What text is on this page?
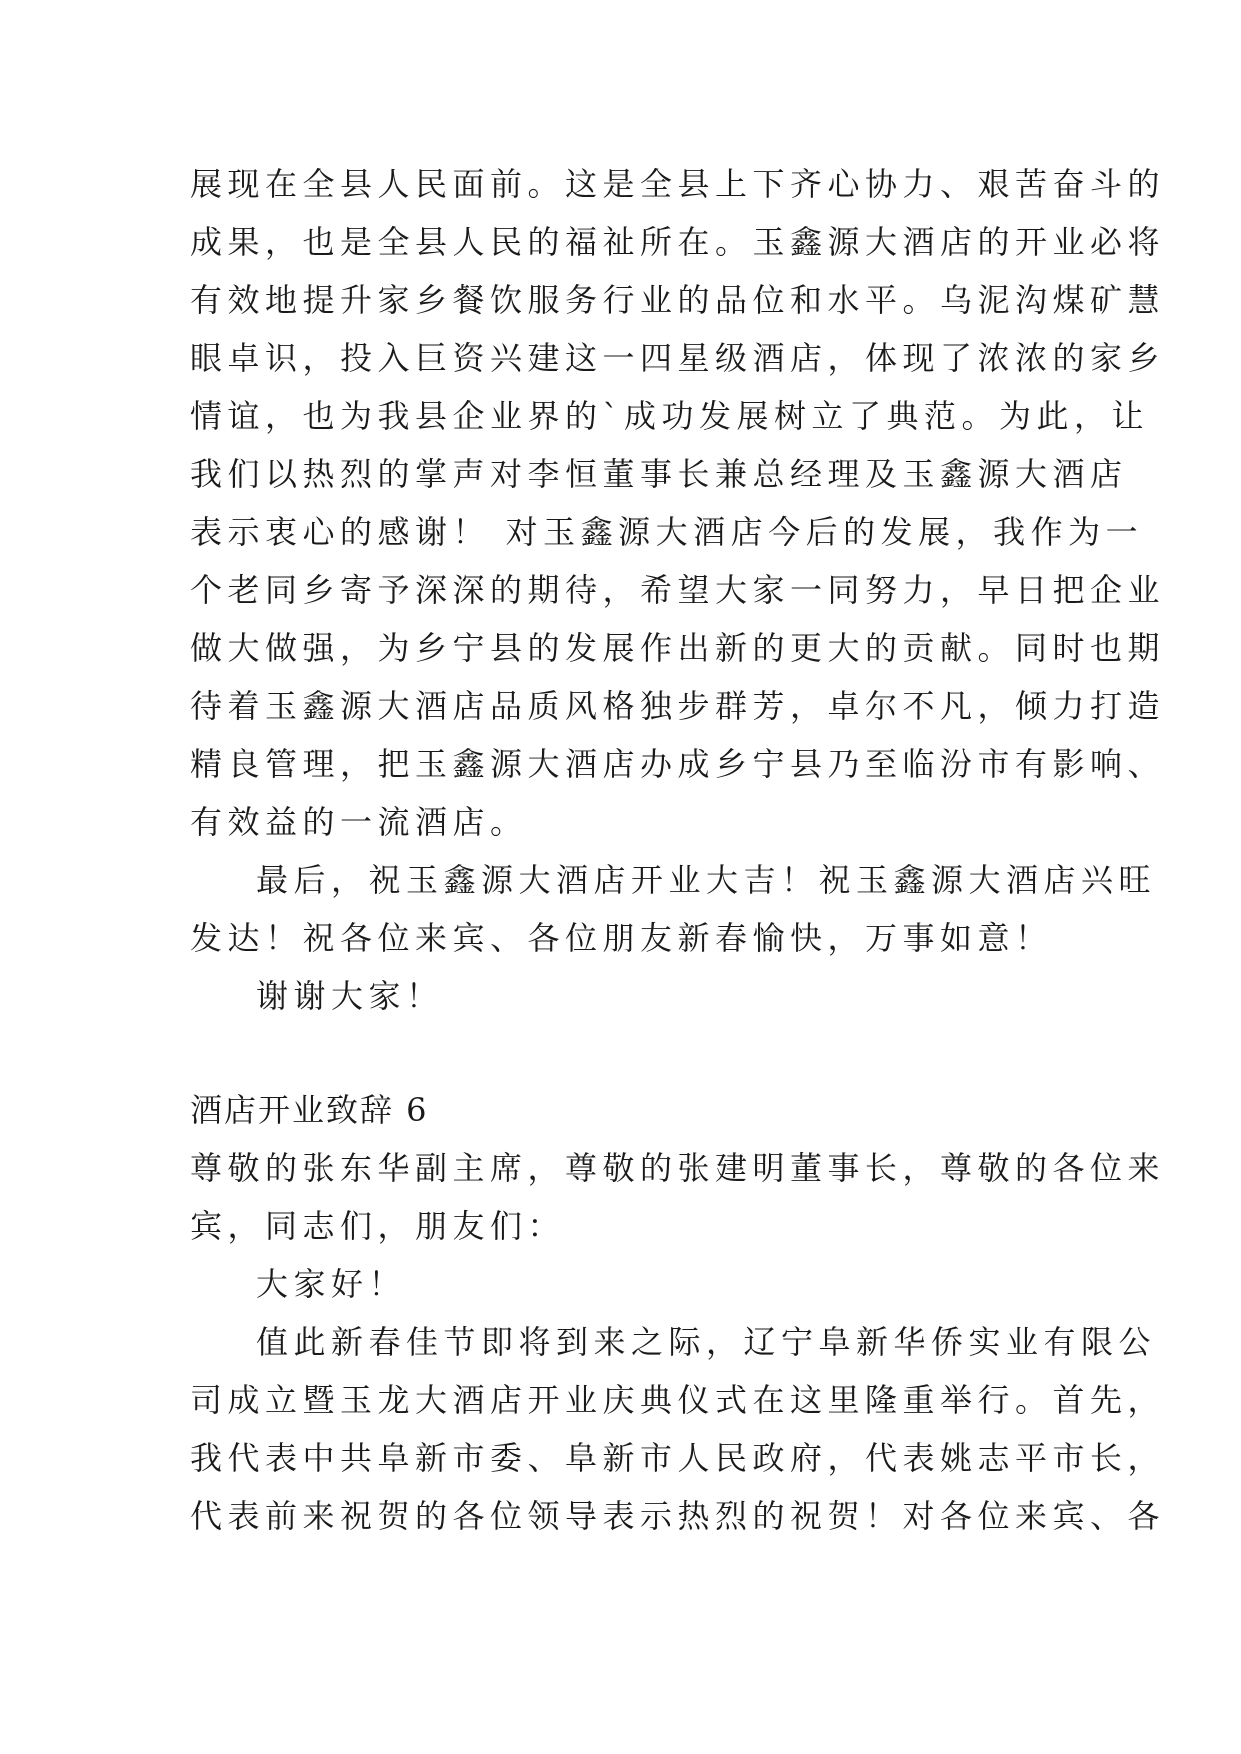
展现在全县人民面前。这是全县上下齐心协力、艰苦奋斗的
成果，也是全县人民的福祉所在。玉鑫源大酒店的开业必将
有效地提升家乡餐饮服务行业的品位和水平。乌泥沟煤矿慧
眼卓识，投入巨资兴建这一四星级酒店，体现了浓浓的家乡
情谊，也为我县企业界的`成功发展树立了典范。为此，让
我们以热烈的掌声对李恒董事长兼总经理及玉鑫源大酒店
表示衷心的感谢！ 对玉鑫源大酒店今后的发展，我作为一
个老同乡寄予深深的期待，希望大家一同努力，早日把企业
做大做强，为乡宁县的发展作出新的更大的贡献。同时也期
待着玉鑫源大酒店品质风格独步群芳，卓尔不凡，倾力打造
精良管理，把玉鑫源大酒店办成乡宁县乃至临汾市有影响、
有效益的一流酒店。
最后，祝玉鑫源大酒店开业大吉！祝玉鑫源大酒店兴旺
发达！祝各位来宾、各位朋友新春愉快，万事如意！
谢谢大家！
酒店开业致辞 6
尊敬的张东华副主席，尊敬的张建明董事长，尊敬的各位来
宾，同志们，朋友们：
大家好！
值此新春佳节即将到来之际，辽宁阜新华侨实业有限公
司成立暨玉龙大酒店开业庆典仪式在这里隆重举行。首先，
我代表中共阜新市委、阜新市人民政府，代表姚志平市长，
代表前来祝贺的各位领导表示热烈的祝贺！对各位来宾、各
